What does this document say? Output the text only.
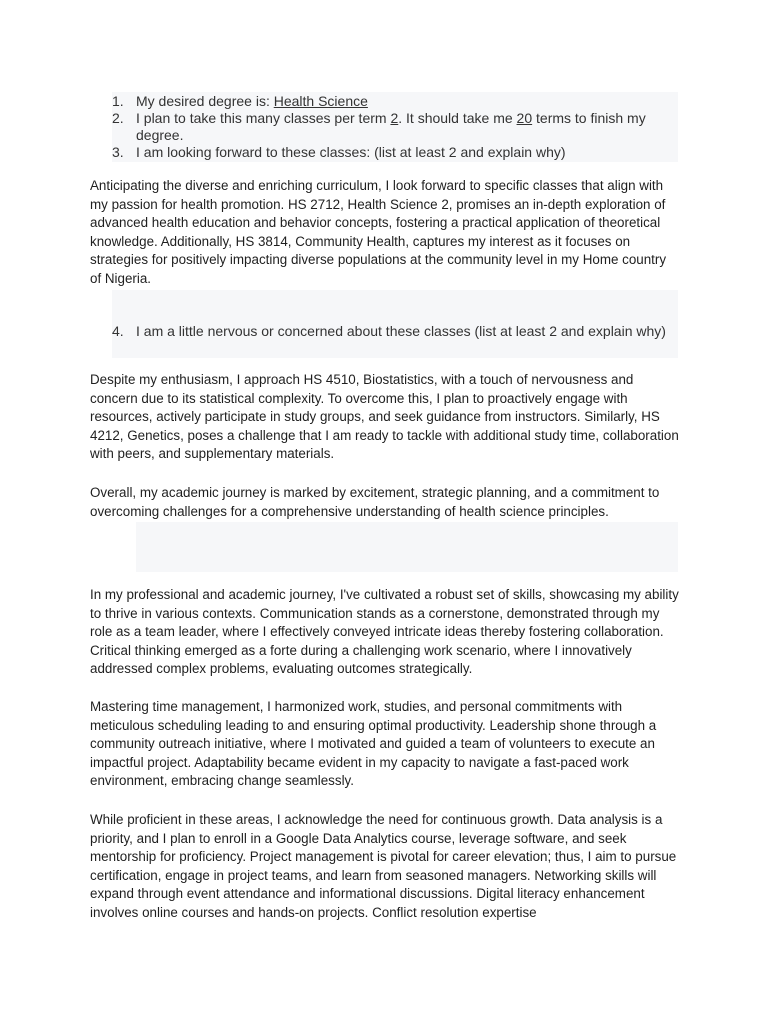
1. My desired degree is: Health Science
2. I plan to take this many classes per term 2. It should take me 20 terms to finish my degree.
3. I am looking forward to these classes: (list at least 2 and explain why)

Anticipating the diverse and enriching curriculum, I look forward to specific classes that align with my passion for health promotion. HS 2712, Health Science 2, promises an in-depth exploration of advanced health education and behavior concepts, fostering a practical application of theoretical knowledge. Additionally, HS 3814, Community Health, captures my interest as it focuses on strategies for positively impacting diverse populations at the community level in my Home country of Nigeria.

4. I am a little nervous or concerned about these classes (list at least 2 and explain why)

Despite my enthusiasm, I approach HS 4510, Biostatistics, with a touch of nervousness and concern due to its statistical complexity. To overcome this, I plan to proactively engage with resources, actively participate in study groups, and seek guidance from instructors. Similarly, HS 4212, Genetics, poses a challenge that I am ready to tackle with additional study time, collaboration with peers, and supplementary materials.

Overall, my academic journey is marked by excitement, strategic planning, and a commitment to overcoming challenges for a comprehensive understanding of health science principles.

In my professional and academic journey, I've cultivated a robust set of skills, showcasing my ability to thrive in various contexts. Communication stands as a cornerstone, demonstrated through my role as a team leader, where I effectively conveyed intricate ideas thereby fostering collaboration. Critical thinking emerged as a forte during a challenging work scenario, where I innovatively addressed complex problems, evaluating outcomes strategically.

Mastering time management, I harmonized work, studies, and personal commitments with meticulous scheduling leading to and ensuring optimal productivity. Leadership shone through a community outreach initiative, where I motivated and guided a team of volunteers to execute an impactful project. Adaptability became evident in my capacity to navigate a fast-paced work environment, embracing change seamlessly.

While proficient in these areas, I acknowledge the need for continuous growth. Data analysis is a priority, and I plan to enroll in a Google Data Analytics course, leverage software, and seek mentorship for proficiency. Project management is pivotal for career elevation; thus, I aim to pursue certification, engage in project teams, and learn from seasoned managers. Networking skills will expand through event attendance and informational discussions. Digital literacy enhancement involves online courses and hands-on projects. Conflict resolution expertise
